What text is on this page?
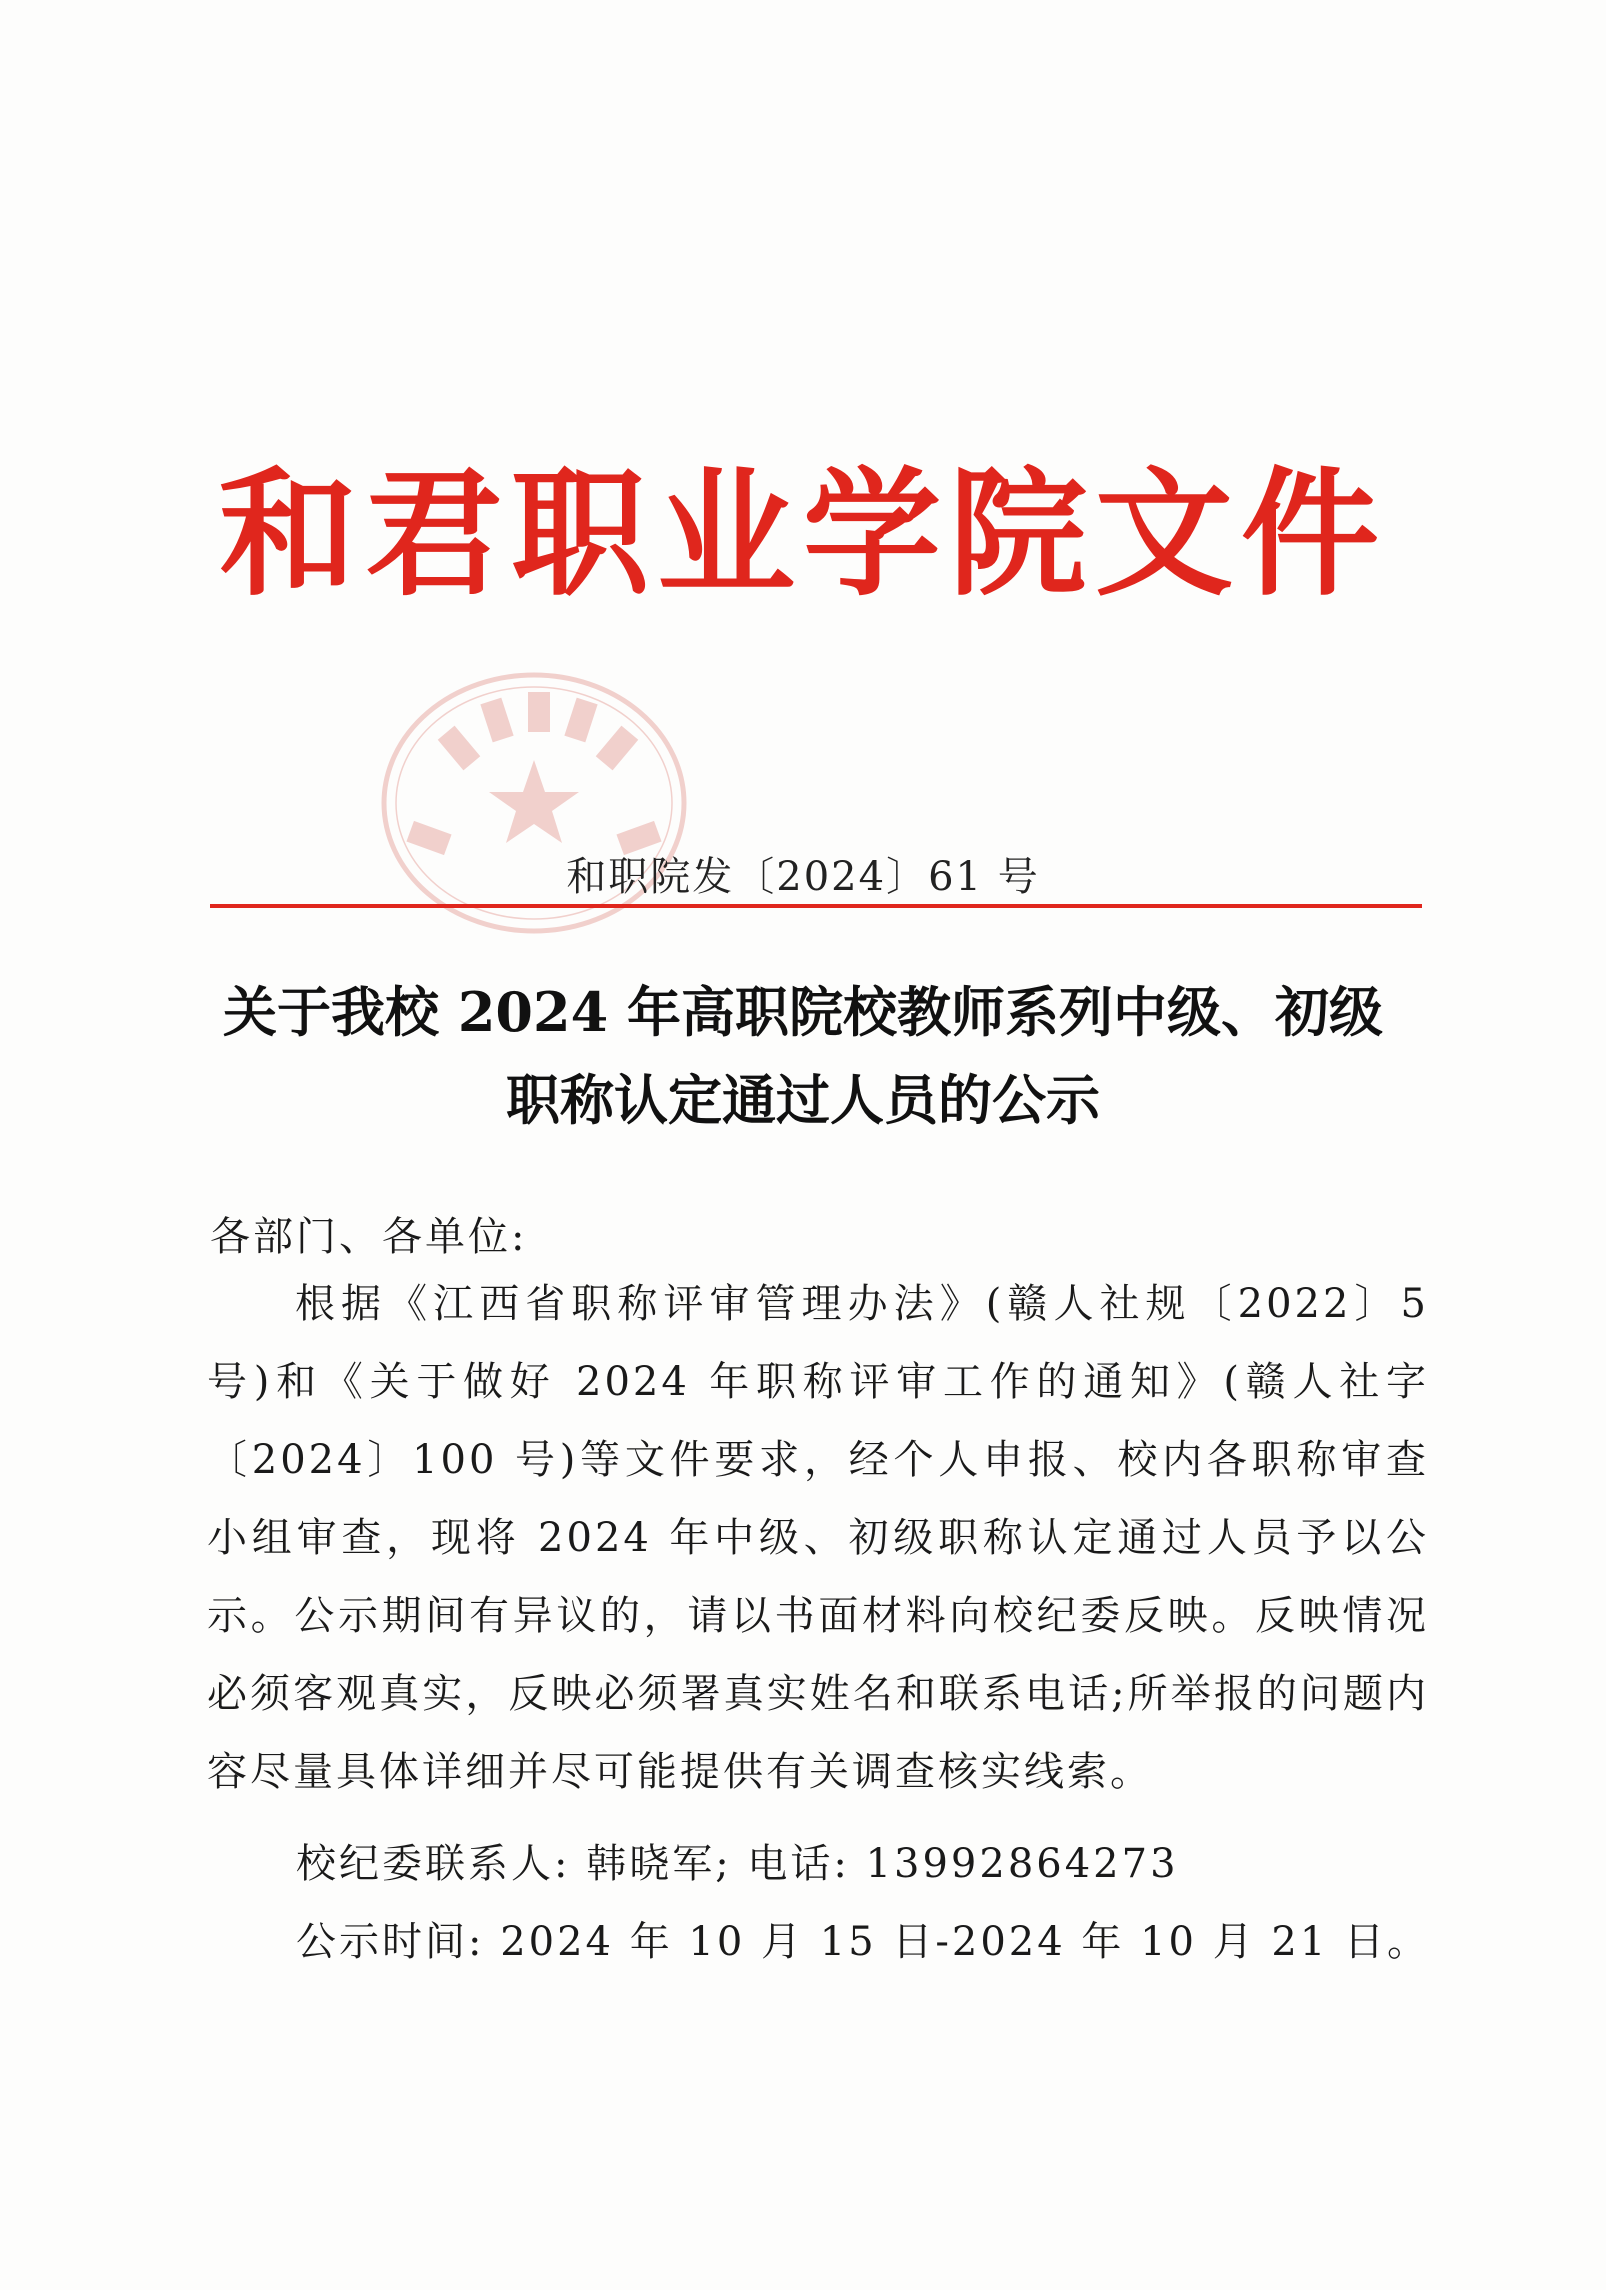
和君职业学院文件
和职院发〔2024〕61 号
关于我校 2024 年高职院校教师系列中级、初级
职称认定通过人员的公示
各部门、各单位:
根据《江西省职称评审管理办法》(赣人社规〔2022〕5 号)和《关于做好 2024 年职称评审工作的通知》(赣人社字〔2024〕100 号)等文件要求，经个人申报、校内各职称审查小组审查，现将 2024 年中级、初级职称认定通过人员予以公示。公示期间有异议的，请以书面材料向校纪委反映。反映情况必须客观真实，反映必须署真实姓名和联系电话;所举报的问题内容尽量具体详细并尽可能提供有关调查核实线索。
校纪委联系人: 韩晓军; 电话: 13992864273
公示时间: 2024 年 10 月 15 日-2024 年 10 月 21 日。
